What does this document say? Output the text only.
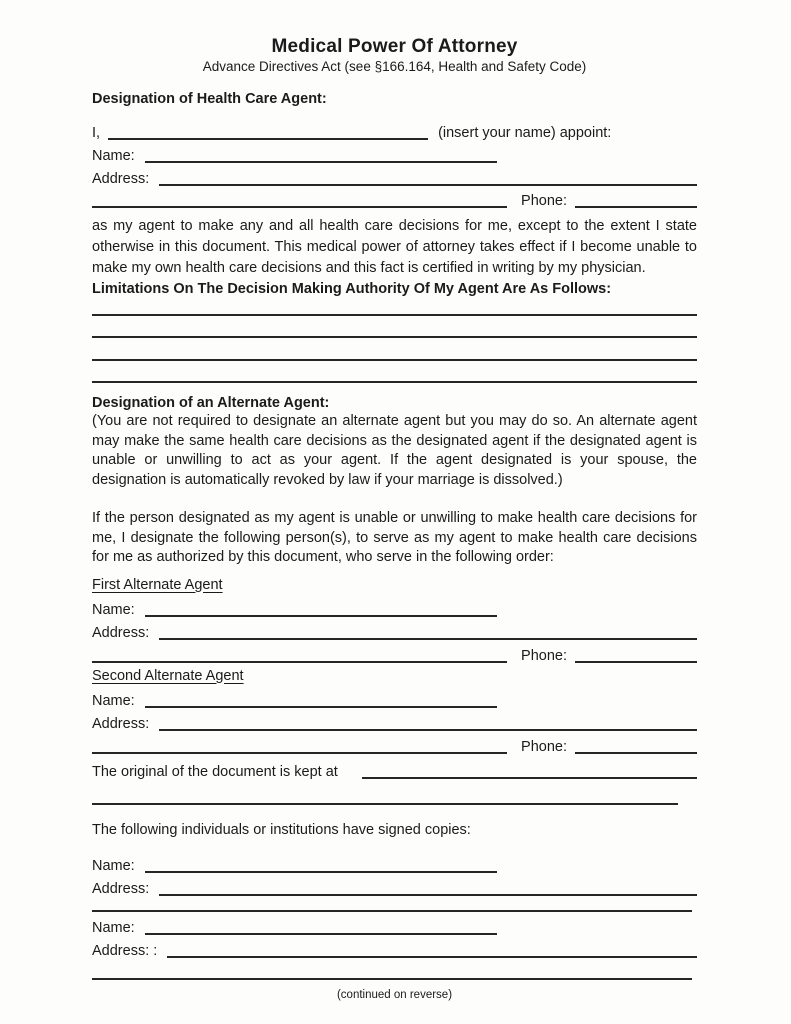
Medical Power Of Attorney
Advance Directives Act (see §166.164, Health and Safety Code)
Designation of Health Care Agent:
I,	(insert your name) appoint:
Name:
Address:
Phone:
as my agent to make any and all health care decisions for me, except to the extent I state otherwise in this document. This medical power of attorney takes effect if I become unable to make my own health care decisions and this fact is certified in writing by my physician.
Limitations On The Decision Making Authority Of My Agent Are As Follows:
Designation of an Alternate Agent:
(You are not required to designate an alternate agent but you may do so. An alternate agent may make the same health care decisions as the designated agent if the designated agent is unable or unwilling to act as your agent. If the agent designated is your spouse, the designation is automatically revoked by law if your marriage is dissolved.)
If the person designated as my agent is unable or unwilling to make health care decisions for me, I designate the following person(s), to serve as my agent to make health care decisions for me as authorized by this document, who serve in the following order:
First Alternate Agent
Name:
Address:
Phone:
Second Alternate Agent
Name:
Address:
Phone:
The original of the document is kept at
The following individuals or institutions have signed copies:
Name:
Address:
Name:
Address: :
(continued on reverse)
